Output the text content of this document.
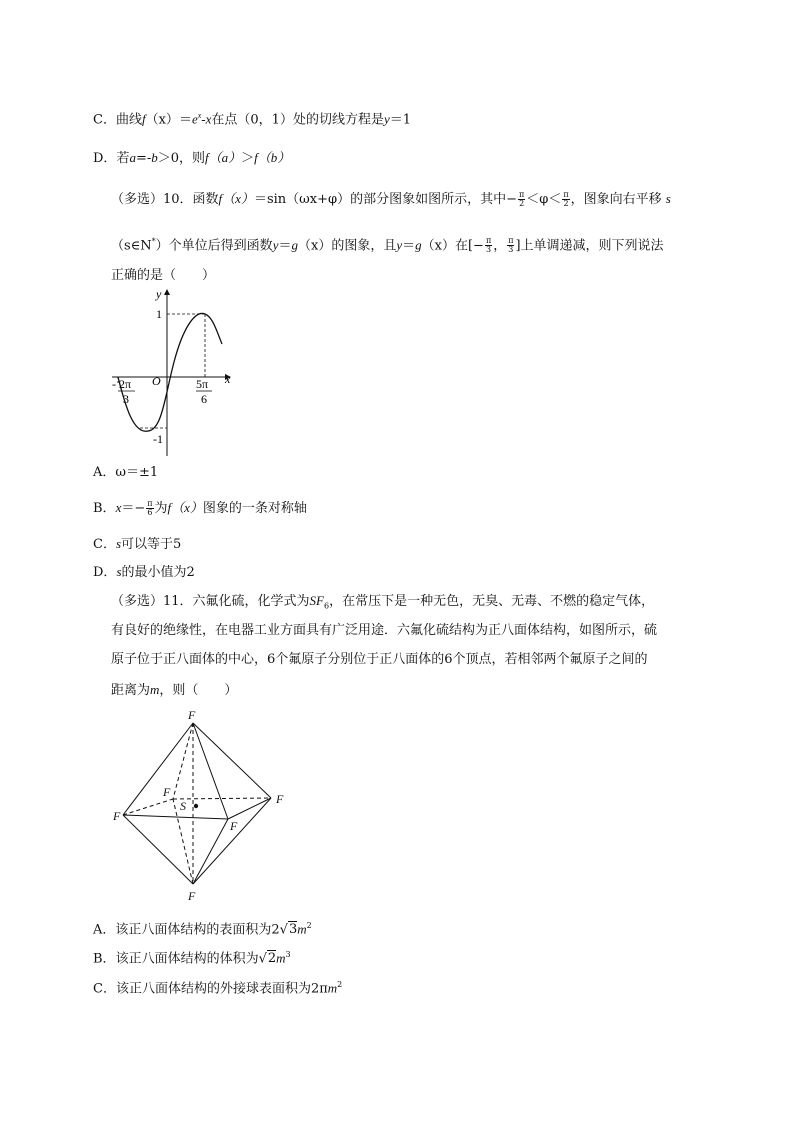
C．曲线$f(x)=e^x-x$在点（0，1）处的切线方程是y＝1
D．若a=-b＞0，则f（a）＞f（b）
（多选）10．函数f（x）＝sin（ωx+φ）的部分图象如图所示，其中− $\frac{\pi}{2} <\varphi< \frac{\pi}{2}$ ，图象向右平移 s
（s∈N*）个单位后得到函数y＝g（x）的图象，且y＝g（x）在[− $\frac{\pi}{3}$ ， $\frac{\pi}{3}$ ]上单调递减，则下列说法
正确的是（　　）
y
x
O
1
-1
- 2π
3
5π
6
A．ω＝±1
B．$x=- \frac{\pi}{6}$ 为f（x）图象的一条对称轴
C．s可以等于5
D．s的最小值为2
（多选）11．六氟化硫，化学式为$SF_6$，在常压下是一种无色，无臭、无毒、不燃的稳定气体，
有良好的绝缘性，在电器工业方面具有广泛用途．六氟化硫结构为正八面体结构，如图所示，硫
原子位于正八面体的中心，6个氟原子分别位于正八面体的6个顶点，若相邻两个氟原子之间的
距离为m，则（　　）
F
F
F
F
F
F
S
A．该正八面体结构的表面积为$2√3m^2$
B．该正八面体结构的体积为$√2m^3$
C．该正八面体结构的外接球表面积为$2\pi m^2$
